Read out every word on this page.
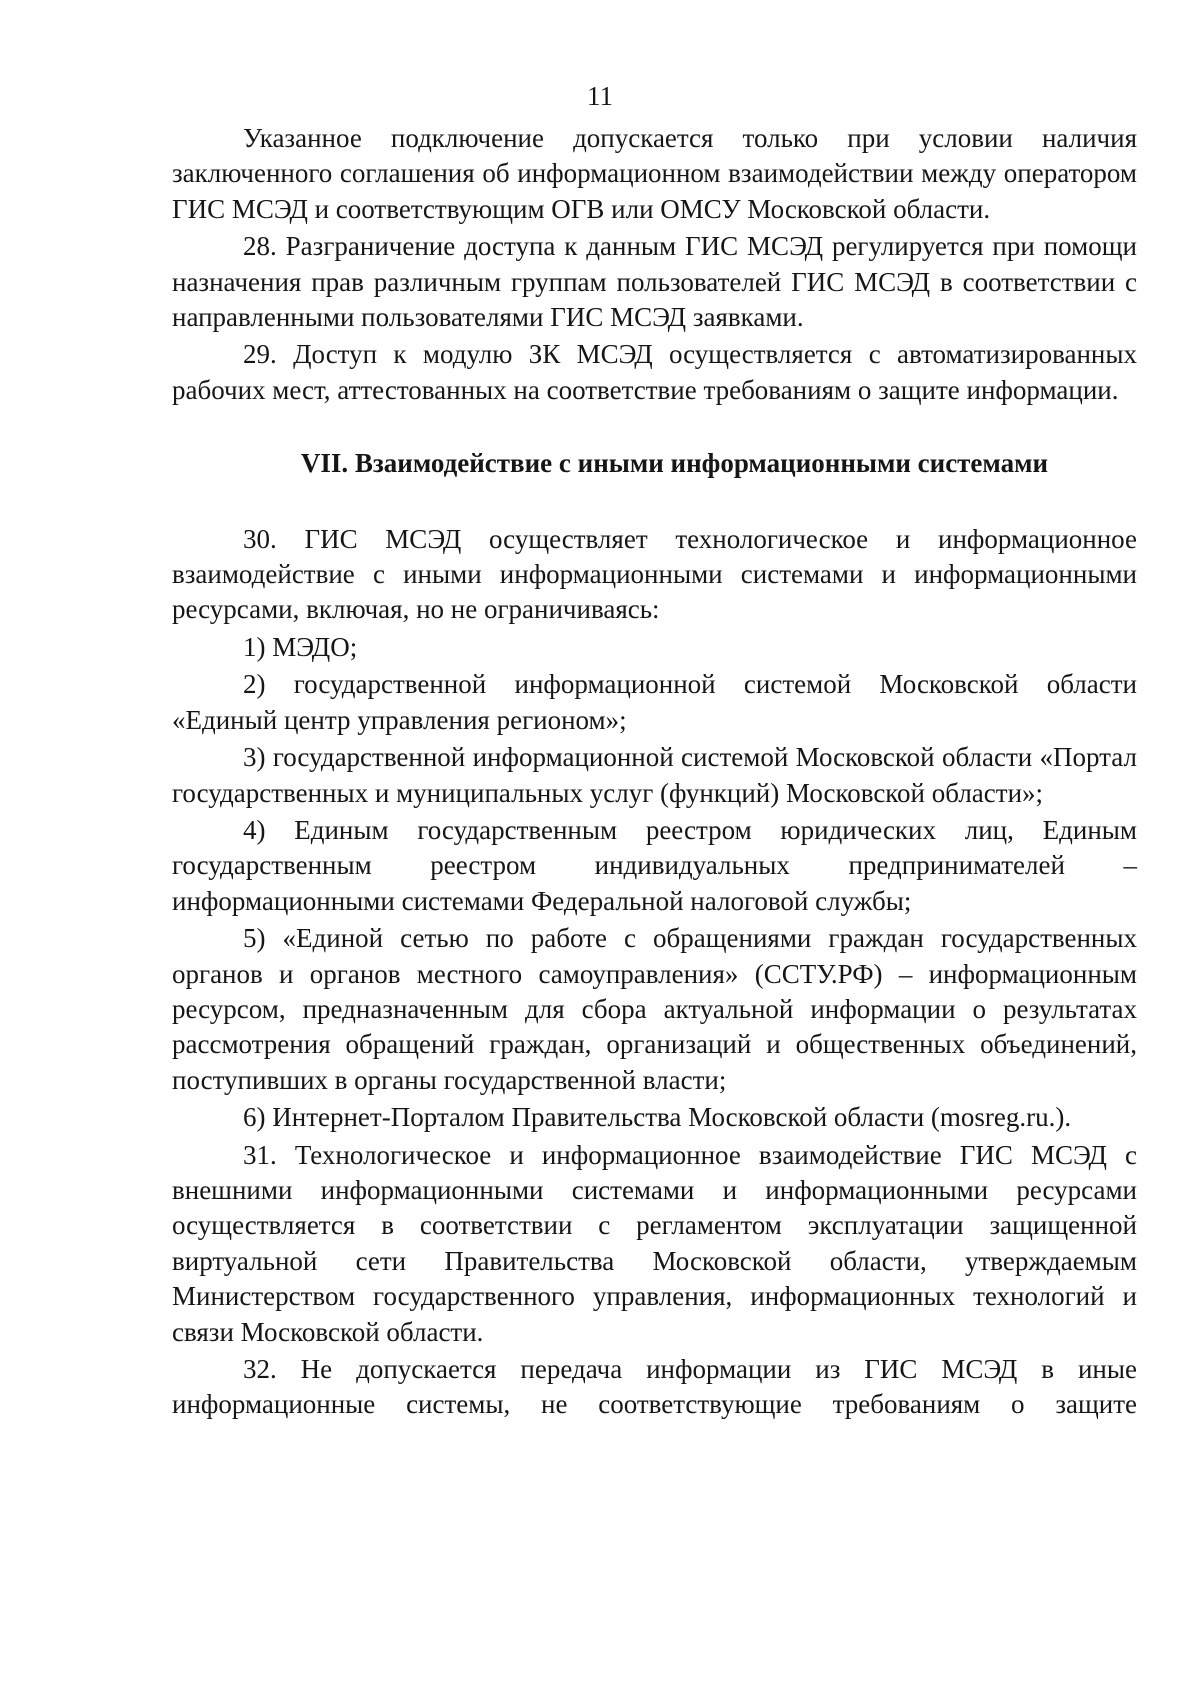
11

Указанное подключение допускается только при условии наличия заключенного соглашения об информационном взаимодействии между оператором ГИС МСЭД и соответствующим ОГВ или ОМСУ Московской области.

28. Разграничение доступа к данным ГИС МСЭД регулируется при помощи назначения прав различным группам пользователей ГИС МСЭД в соответствии с направленными пользователями ГИС МСЭД заявками.

29. Доступ к модулю ЗК МСЭД осуществляется с автоматизированных рабочих мест, аттестованных на соответствие требованиям о защите информации.

VII. Взаимодействие с иными информационными системами

30. ГИС МСЭД осуществляет технологическое и информационное взаимодействие с иными информационными системами и информационными ресурсами, включая, но не ограничиваясь:

1) МЭДО;

2) государственной информационной системой Московской области «Единый центр управления регионом»;

3) государственной информационной системой Московской области «Портал государственных и муниципальных услуг (функций) Московской области»;

4) Единым государственным реестром юридических лиц, Единым государственным реестром индивидуальных предпринимателей – информационными системами Федеральной налоговой службы;

5) «Единой сетью по работе с обращениями граждан государственных органов и органов местного самоуправления» (ССТУ.РФ) – информационным ресурсом, предназначенным для сбора актуальной информации о результатах рассмотрения обращений граждан, организаций и общественных объединений, поступивших в органы государственной власти;

6) Интернет-Порталом Правительства Московской области (mosreg.ru.).

31. Технологическое и информационное взаимодействие ГИС МСЭД с внешними информационными системами и информационными ресурсами осуществляется в соответствии с регламентом эксплуатации защищенной виртуальной сети Правительства Московской области, утверждаемым Министерством государственного управления, информационных технологий и связи Московской области.

32. Не допускается передача информации из ГИС МСЭД в иные информационные системы, не соответствующие требованиям о защите
